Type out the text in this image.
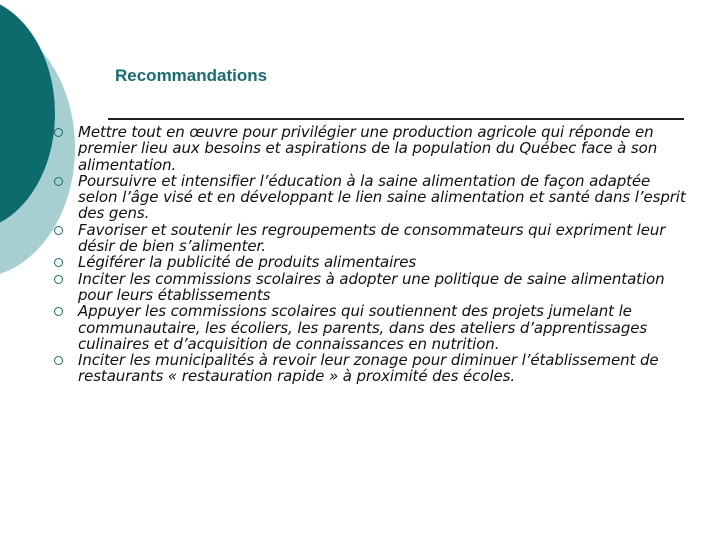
Recommandations
Mettre tout en œuvre pour privilégier une production agricole qui réponde en premier lieu aux besoins et aspirations de la population du Québec face à son alimentation.
Poursuivre et intensifier l’éducation à la saine alimentation de façon adaptée selon l’âge visé et en développant le lien saine alimentation et santé dans l’esprit des gens.
Favoriser et soutenir les regroupements de consommateurs qui expriment leur désir de bien s’alimenter.
Légiférer la publicité de produits alimentaires
Inciter les commissions scolaires à adopter une politique de saine alimentation pour leurs établissements
Appuyer les commissions scolaires qui soutiennent des projets jumelant le communautaire, les écoliers, les parents, dans des ateliers d’apprentissages culinaires et d’acquisition de connaissances en nutrition.
Inciter les municipalités à revoir leur zonage pour diminuer l’établissement de restaurants « restauration rapide » à proximité des écoles.
